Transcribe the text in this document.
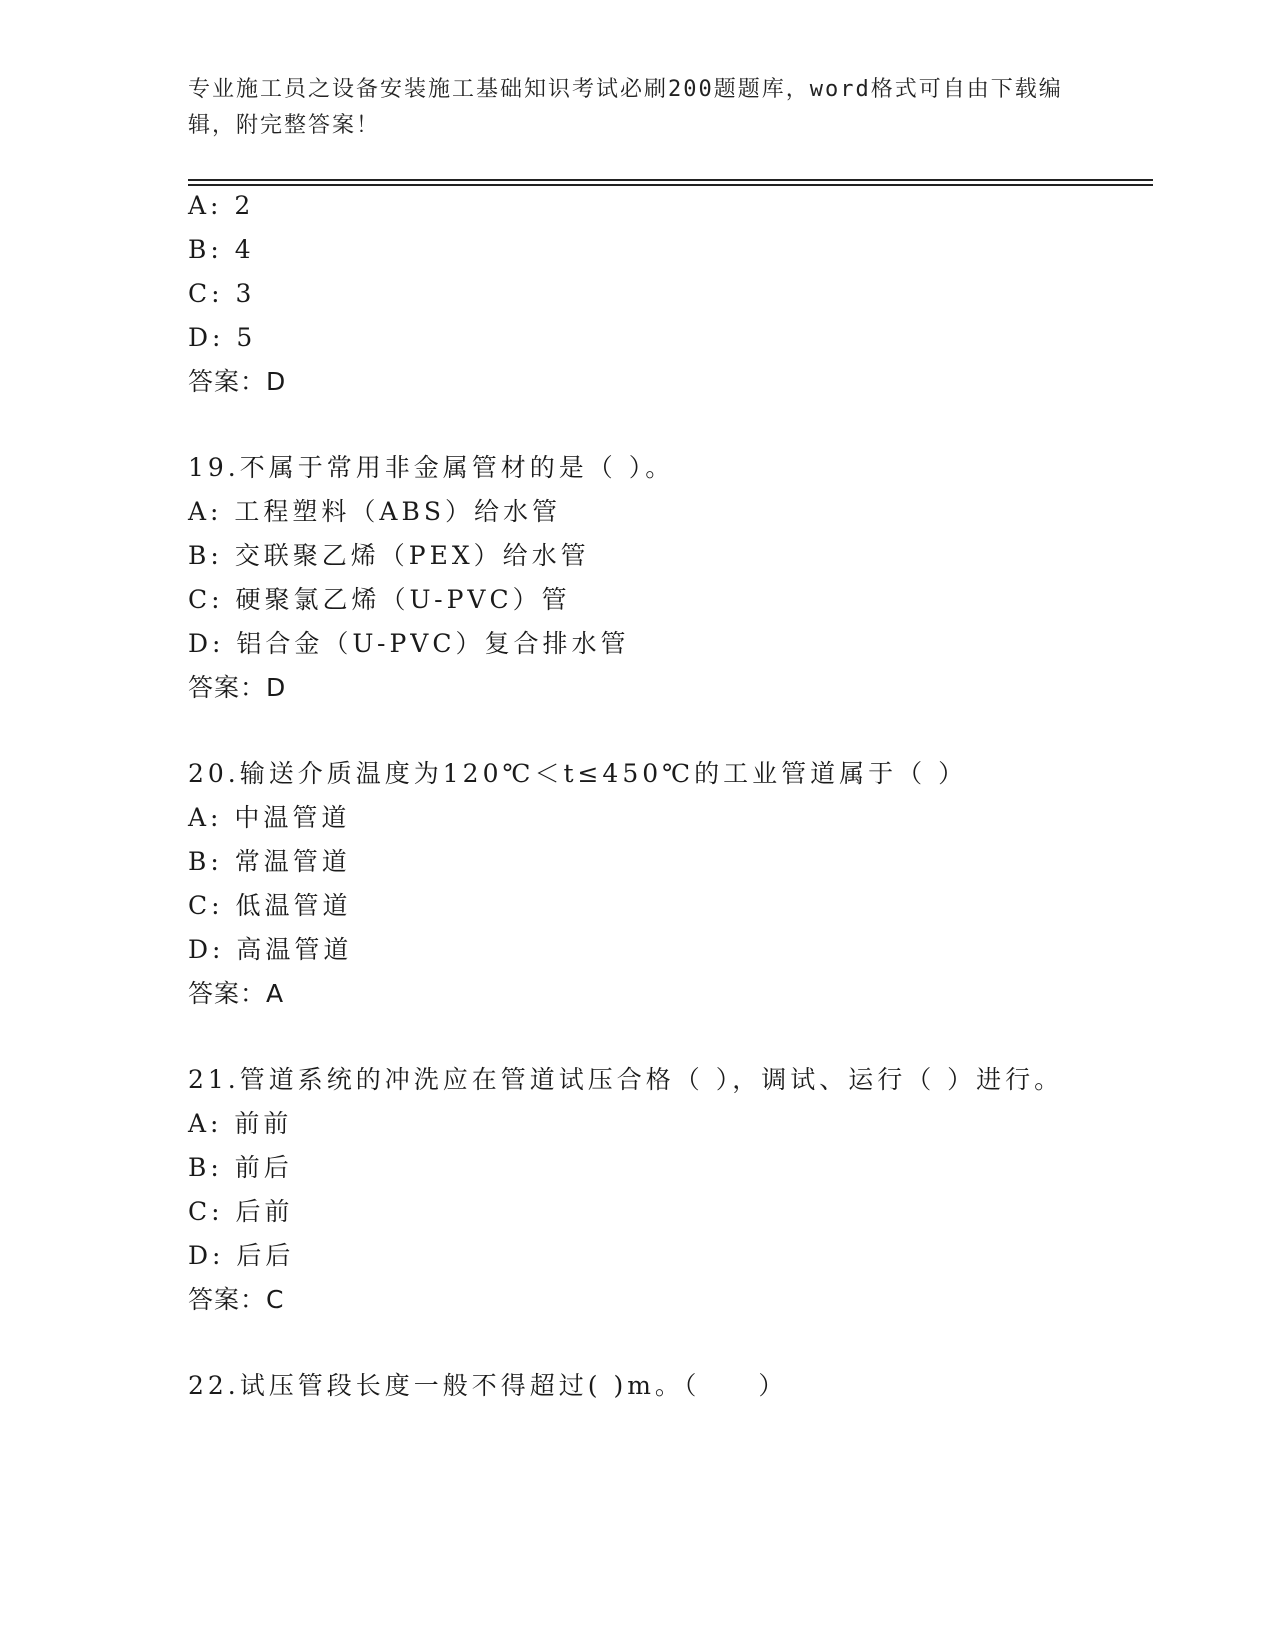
专业施工员之设备安装施工基础知识考试必刷200题题库，word格式可自由下载编辑，附完整答案！
A: 2
B: 4
C: 3
D: 5
答案：D
19.不属于常用非金属管材的是（ ）。
A: 工程塑料（ABS）给水管
B: 交联聚乙烯（PEX）给水管
C: 硬聚氯乙烯（U-PVC）管
D: 铝合金（U-PVC）复合排水管
答案：D
20.输送介质温度为120℃＜t≤450℃的工业管道属于（ ）
A: 中温管道
B: 常温管道
C: 低温管道
D: 高温管道
答案：A
21.管道系统的冲洗应在管道试压合格（ ），调试、运行（ ）进行。
A: 前前
B: 前后
C: 后前
D: 后后
答案：C
22.试压管段长度一般不得超过( )m。（　　）
